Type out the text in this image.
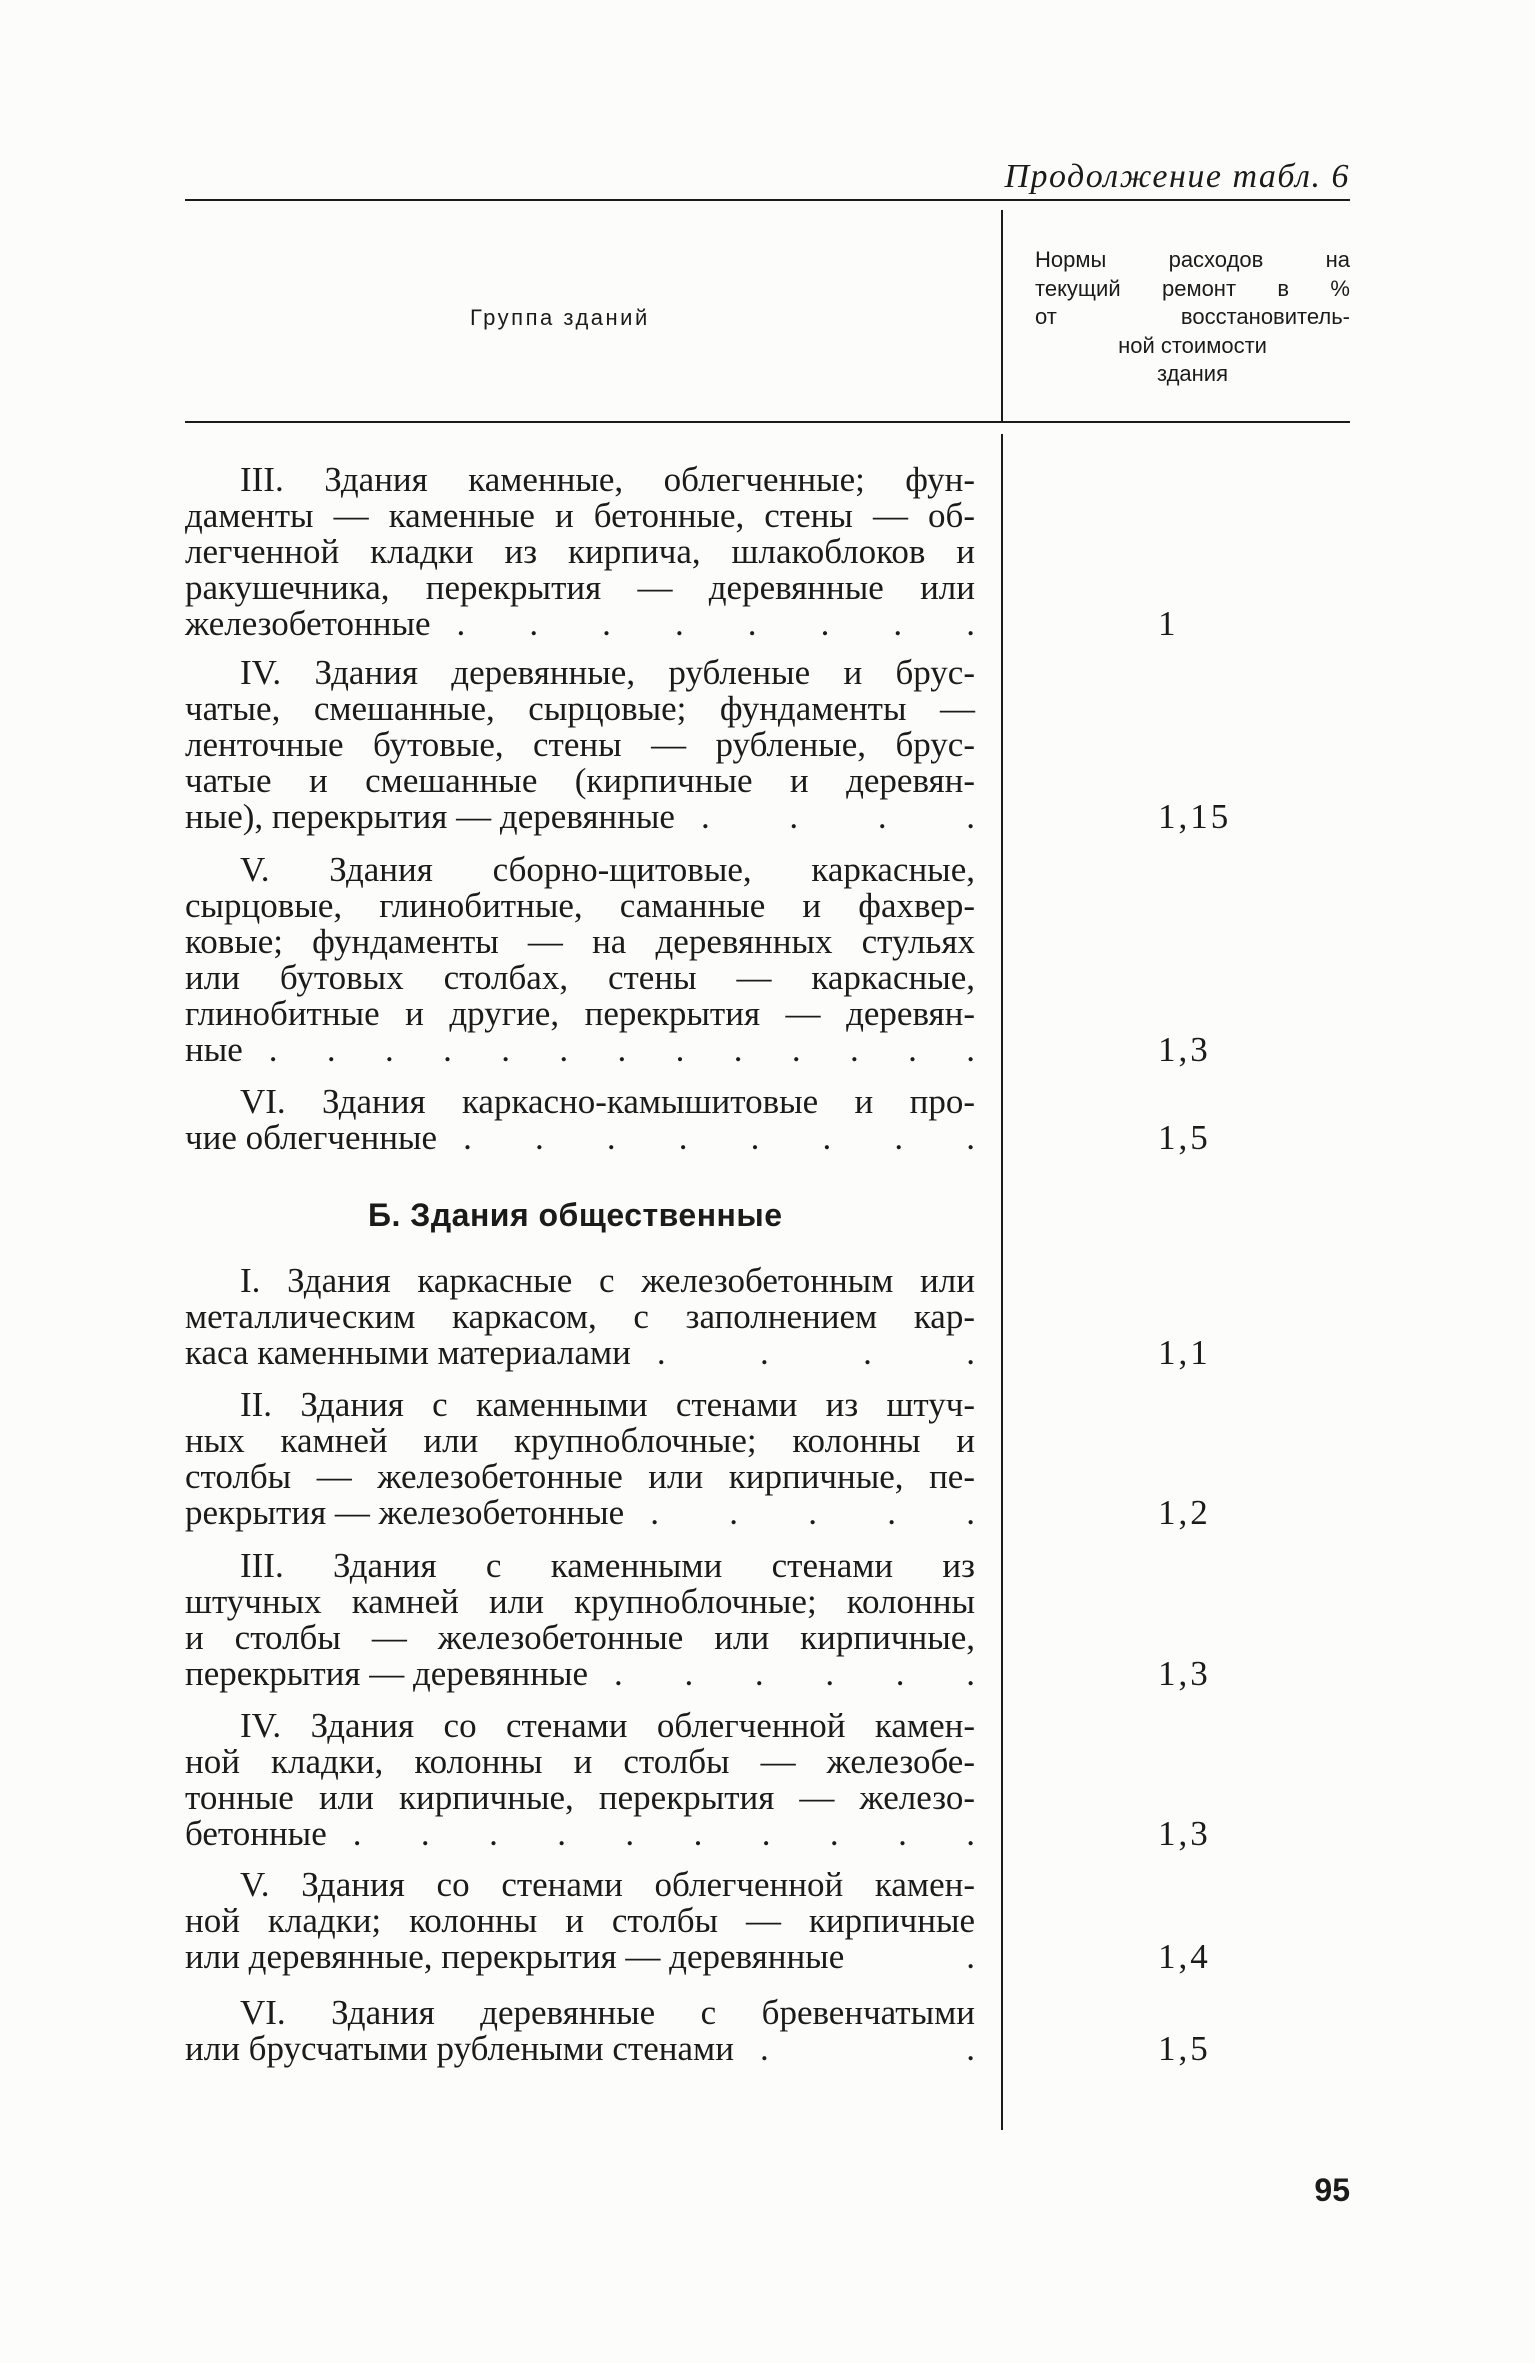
Продолжение табл. 6
Группа зданий
Нормы расходов на
текущий ремонт в %
от восстановитель-
ной стоимости
здания
III. Здания каменные, облегченные; фун-
даменты — каменные и бетонные, стены — об-
легченной кладки из кирпича, шлакоблоков и
ракушечника, перекрытия — деревянные или
железобетонные . . . . . . . .	1
IV. Здания деревянные, рубленые и брус-
чатые, смешанные, сырцовые; фундаменты —
ленточные бутовые, стены — рубленые, брус-
чатые и смешанные (кирпичные и деревян-
ные), перекрытия — деревянные . . . .	1,15
V. Здания сборно-щитовые, каркасные,
сырцовые, глинобитные, саманные и фахвер-
ковые; фундаменты — на деревянных стульях
или бутовых столбах, стены — каркасные,
глинобитные и другие, перекрытия — деревян-
ные . . . . . . . . . . . . .	1,3
VI. Здания каркасно-камышитовые и про-
чие облегченные . . . . . . . .	1,5
Б. Здания общественные
I. Здания каркасные с железобетонным или
металлическим каркасом, с заполнением кар-
каса каменными материалами . . . .	1,1
II. Здания с каменными стенами из штуч-
ных камней или крупноблочные; колонны и
столбы — железобетонные или кирпичные, пе-
рекрытия — железобетонные . . . . .	1,2
III. Здания с каменными стенами из
штучных камней или крупноблочные; колонны
и столбы — железобетонные или кирпичные,
перекрытия — деревянные . . . . . .	1,3
IV. Здания со стенами облегченной камен-
ной кладки, колонны и столбы — железобе-
тонные или кирпичные, перекрытия — железо-
бетонные . . . . . . . . . .	1,3
V. Здания со стенами облегченной камен-
ной кладки; колонны и столбы — кирпичные
или деревянные, перекрытия — деревянные	.	1,4
VI. Здания деревянные с бревенчатыми
или брусчатыми рублеными стенами . .	1,5
95
